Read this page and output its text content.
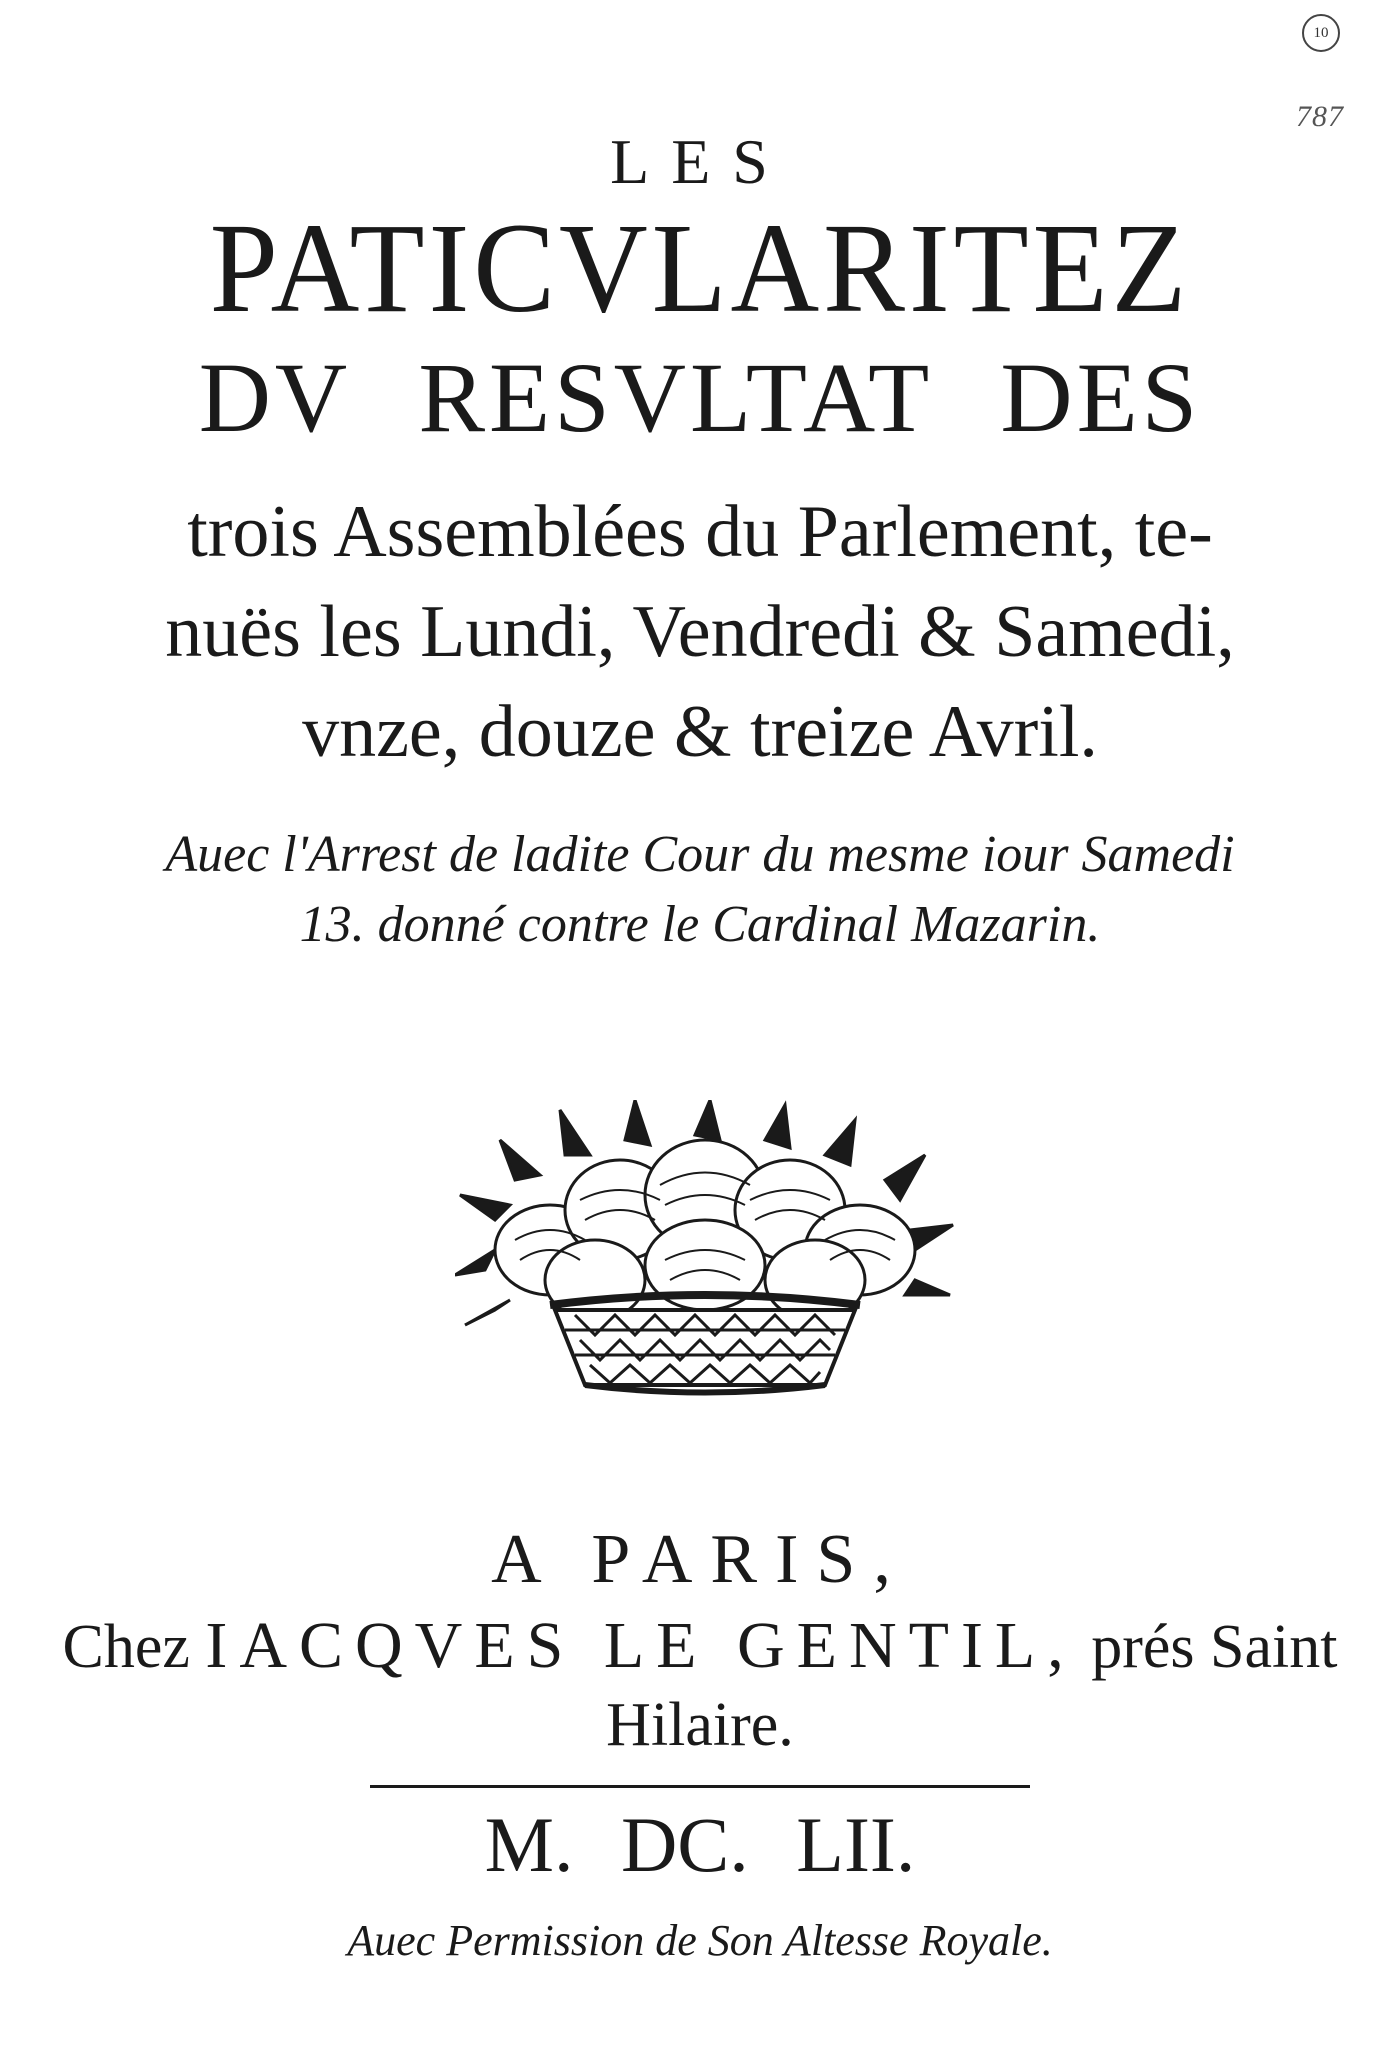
10
787
LES
PATICVLARITEZ
DV RESVLTAT DES
trois Assemblées du Parlement, te-
nuës les Lundi, Vendredi & Samedi,
vnze, douze & treize Avril.
Auec l'Arrest de ladite Cour du mesme iour Samedi
13. donné contre le Cardinal Mazarin.
A PARIS,
Chez IACQVES LE GENTIL, prés Saint
Hilaire.
M. DC. LII.
Auec Permission de Son Altesse Royale.
